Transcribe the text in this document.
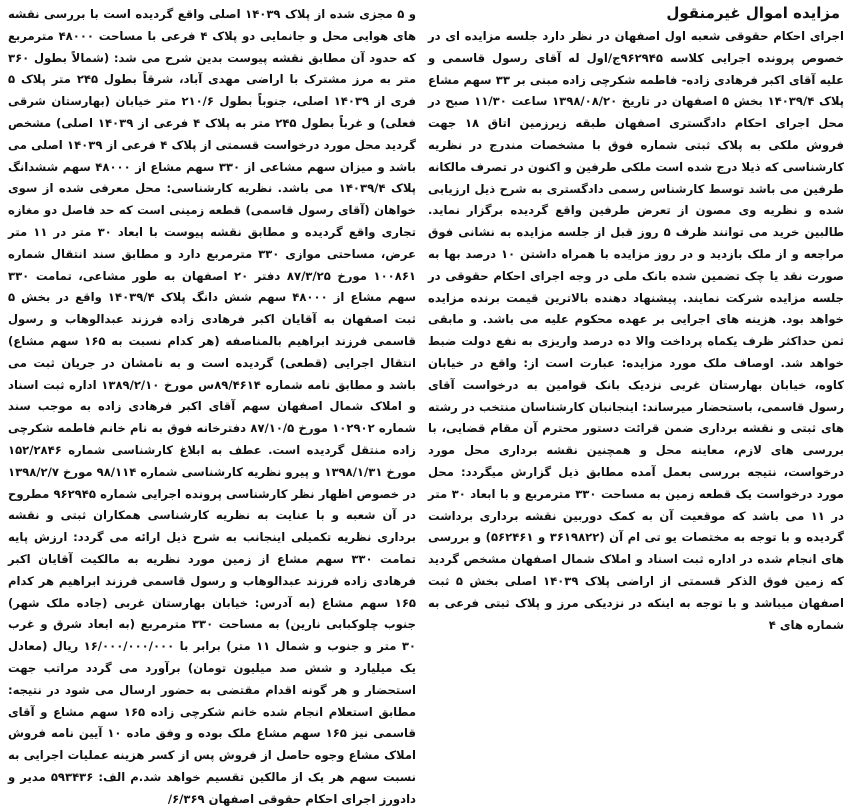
مزایده اموال غیرمنقول
اجرای احکام حقوقی شعبه اول اصفهان در نظر دارد جلسه مزایده ای در خصوص پرونده اجرایی کلاسه ۹۶۲۹۴۵ج/اول له آقای رسول قاسمی و علیه آقای اکبر فرهادی زاده- فاطمه شکرچی زاده مبنی بر ۳۳ سهم مشاع پلاک ۱۴۰۳۹/۴ بخش ۵ اصفهان در تاریخ ۱۳۹۸/۰۸/۲۰ ساعت ۱۱/۳۰ صبح در محل اجرای احکام دادگستری اصفهان طبقه زیرزمین اتاق ۱۸ جهت فروش ملکی به پلاک ثبتی شماره فوق با مشخصات مندرج در نظریه کارشناسی که ذیلا درج شده است ملکی طرفین و اکنون در تصرف مالکانه طرفین می باشد توسط کارشناس رسمی دادگستری به شرح ذیل ارزیابی شده و نظریه وی مصون از تعرض طرفین واقع گردیده برگزار نماید. طالبین خرید می توانند ظرف ۵ روز قبل از جلسه مزایده به نشانی فوق مراجعه و از ملک بازدید و در روز مزایده با همراه داشتن ۱۰ درصد بها به صورت نقد یا چک تضمین شده بانک ملی در وجه اجرای احکام حقوقی در جلسه مزایده شرکت نمایند. پیشنهاد دهنده بالاترین قیمت برنده مزایده خواهد بود. هزینه های اجرایی بر عهده محکوم علیه می باشد. و مابقی ثمن حداکثر ظرف یکماه پرداخت والا ده درصد واریزی به نفع دولت ضبط خواهد شد. اوصاف ملک مورد مزایده: عبارت است از: واقع در خیابان کاوه، خیابان بهارستان غربی نزدیک بانک قوامین به درخواست آقای رسول قاسمی، باستحضار میرساند: اینجانبان کارشناسان منتخب در رشته های ثبتی و نقشه برداری ضمن قرائت دستور محترم آن مقام قضایی، با بررسی های لازم، معاینه محل و همچنین نقشه برداری محل مورد درخواست، نتیجه بررسی بعمل آمده مطابق ذیل گزارش میگردد: محل مورد درخواست یک قطعه زمین به مساحت ۳۳۰ مترمربع و با ابعاد ۳۰ متر در ۱۱ می باشد که موقعیت آن به کمک دوربین نقشه برداری برداشت گردیده و با توجه به مختصات یو تی ام آن (۳۶۱۹۸۲۲ و ۵۶۲۴۶۱) و بررسی های انجام شده در اداره ثبت اسناد و املاک شمال اصفهان مشخص گردید که زمین فوق الذکر قسمتی از اراضی پلاک ۱۴۰۳۹ اصلی بخش ۵ ثبت اصفهان میباشد و با توجه به اینکه در نزدیکی مرز و پلاک ثبتی فرعی به شماره های ۴
و ۵ مجزی شده از پلاک ۱۴۰۳۹ اصلی واقع گردیده است با بررسی نقشه های هوایی محل و جانمایی دو پلاک ۴ فرعی با مساحت ۴۸۰۰۰ مترمربع که حدود آن مطابق نقشه پیوست بدین شرح می شد: (شمالاً بطول ۳۶۰ متر به مرز مشترک با اراضی مهدی آباد، شرقاً بطول ۲۴۵ متر پلاک ۵ فری از ۱۴۰۳۹ اصلی، جنوباً بطول ۲۱۰/۶ متر خیابان (بهارستان شرقی فعلی) و غرباً بطول ۲۴۵ متر به پلاک ۴ فرعی از ۱۴۰۳۹ اصلی) مشخص گردید محل مورد درخواست قسمتی از پلاک ۴ فرعی از ۱۴۰۳۹ اصلی می باشد و میزان سهم مشاعی از ۳۳۰ سهم مشاع از ۴۸۰۰۰ سهم ششدانگ پلاک ۱۴۰۳۹/۴ می باشد. نظریه کارشناسی: محل معرفی شده از سوی خواهان (آقای رسول قاسمی) قطعه زمینی است که حد فاصل دو مغازه تجاری واقع گردیده و مطابق نقشه پیوست با ابعاد ۳۰ متر در ۱۱ متر عرض، مساحتی موازی ۳۳۰ مترمربع دارد و مطابق سند انتقال شماره ۱۰۰۸۶۱ مورخ ۸۷/۳/۲۵ دفتر ۲۰ اصفهان به طور مشاعی، تمامت ۳۳۰ سهم مشاع از ۴۸۰۰۰ سهم شش دانگ پلاک ۱۴۰۳۹/۴ واقع در بخش ۵ ثبت اصفهان به آقایان اکبر فرهادی زاده فرزند عبدالوهاب و رسول قاسمی فرزند ابراهیم بالمناصفه (هر کدام نسبت به ۱۶۵ سهم مشاع) انتقال اجرایی (قطعی) گردیده است و به نامشان در جریان ثبت می باشد و مطابق نامه شماره ۸۹/۴۶۱۴س مورخ ۱۳۸۹/۲/۱۰ اداره ثبت اسناد و املاک شمال اصفهان سهم آقای اکبر فرهادی زاده به موجب سند شماره ۱۰۲۹۰۲ مورخ ۸۷/۱۰/۵ دفترخانه فوق به نام خانم فاطمه شکرچی زاده منتقل گردیده است. عطف به ابلاغ کارشناسی شماره ۱۵۲/۲۸۴۶ مورخ ۱۳۹۸/۱/۳۱ و پیرو نظریه کارشناسی شماره ۹۸/۱۱۴ مورخ ۱۳۹۸/۲/۷ در خصوص اظهار نظر کارشناسی پرونده اجرایی شماره ۹۶۲۹۴۵ مطروح در آن شعبه و با عنایت به نظریه کارشناسی همکاران ثبتی و نقشه برداری نظریه تکمیلی اینجانب به شرح ذیل ارائه می گردد: ارزش پایه تمامت ۳۳۰ سهم مشاع از زمین مورد نظریه به مالکیت آقایان اکبر فرهادی زاده فرزند عبدالوهاب و رسول قاسمی فرزند ابراهیم هر کدام ۱۶۵ سهم مشاع (به آدرس: خیابان بهارستان غربی (جاده ملک شهر) جنوب چلوکبابی نارین) به مساحت ۳۳۰ مترمربع (به ابعاد شرق و غرب ۳۰ متر و جنوب و شمال ۱۱ متر) برابر با ۱۶/۰۰۰/۰۰۰/۰۰۰ ریال (معادل یک میلیارد و شش صد میلیون تومان) برآورد می گردد مراتب جهت استحضار و هر گونه اقدام مقتضی به حضور ارسال می شود در نتیجه: مطابق استعلام انجام شده خانم شکرچی زاده ۱۶۵ سهم مشاع و آقای قاسمی نیز ۱۶۵ سهم مشاع ملک بوده و وفق ماده ۱۰ آیین نامه فروش املاک مشاع وجوه حاصل از فروش پس از کسر هزینه عملیات اجرایی به نسبت سهم هر یک از مالکین تقسیم خواهد شد.م الف: ۵۹۳۴۳۶ مدیر و دادورز اجرای احکام حقوقی اصفهان ۶/۳۶۹/
